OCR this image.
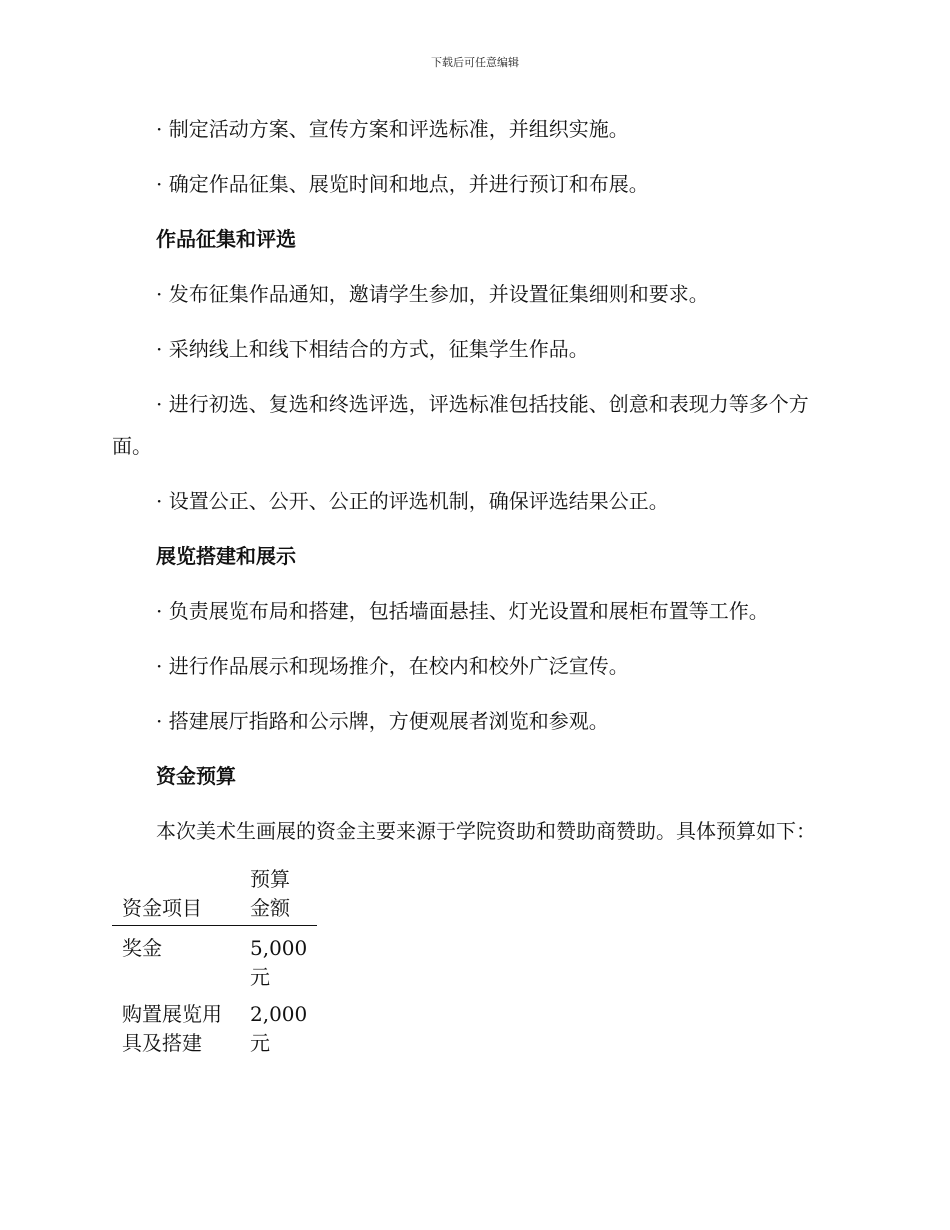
下载后可任意编辑

· 制定活动方案、宣传方案和评选标准，并组织实施。

· 确定作品征集、展览时间和地点，并进行预订和布展。

作品征集和评选

· 发布征集作品通知，邀请学生参加，并设置征集细则和要求。

· 采纳线上和线下相结合的方式，征集学生作品。

· 进行初选、复选和终选评选，评选标准包括技能、创意和表现力等多个方面。

· 设置公正、公开、公正的评选机制，确保评选结果公正。

展览搭建和展示

· 负责展览布局和搭建，包括墙面悬挂、灯光设置和展柜布置等工作。

· 进行作品展示和现场推介，在校内和校外广泛宣传。

· 搭建展厅指路和公示牌，方便观展者浏览和参观。

资金预算

本次美术生画展的资金主要来源于学院资助和赞助商赞助。具体预算如下：

资金项目	预算金额
奖金	5,000元
购置展览用具及搭建	2,000元
